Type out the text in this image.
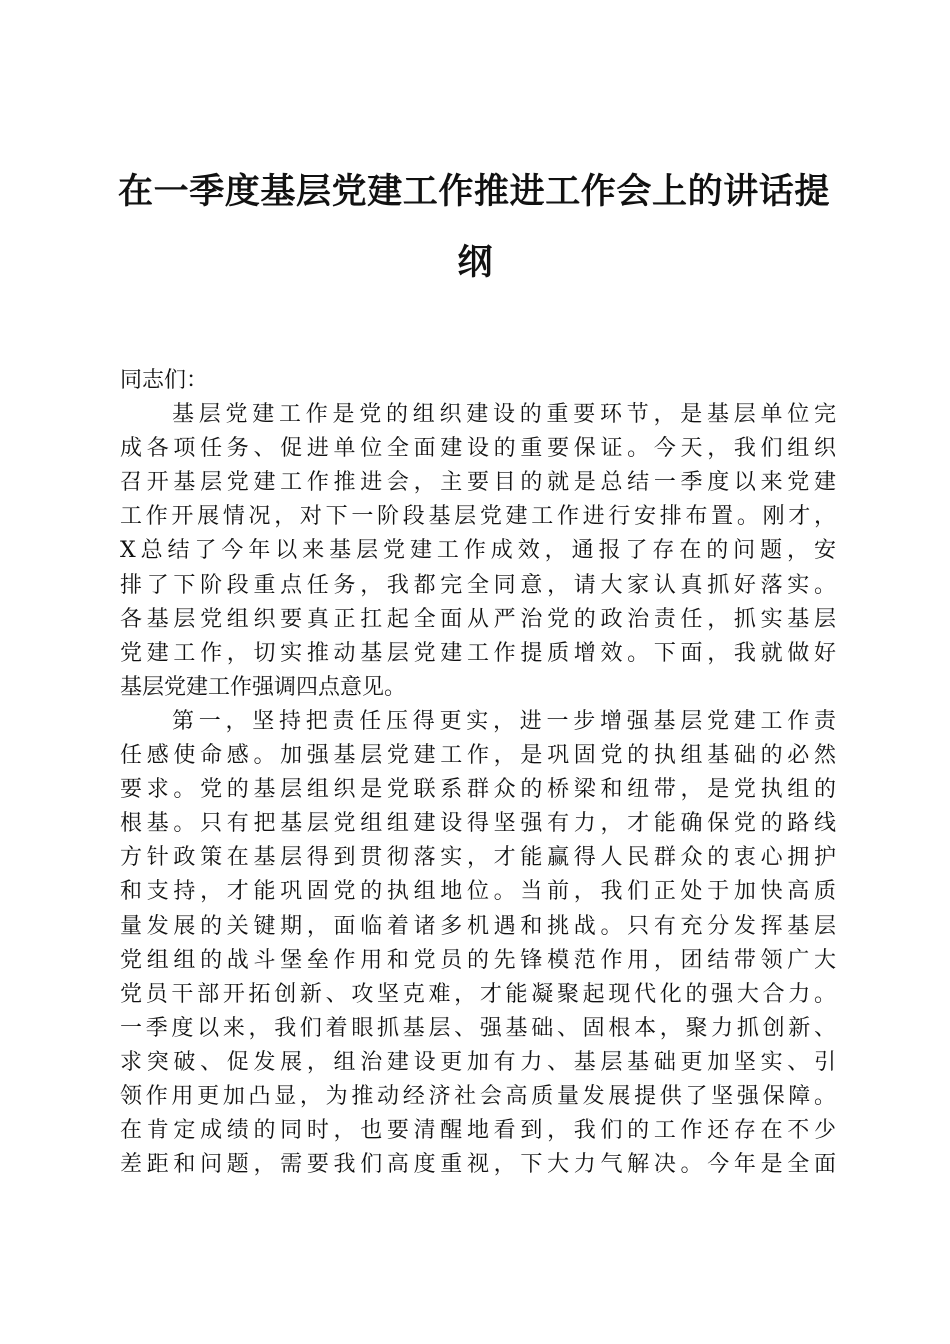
在一季度基层党建工作推进工作会上的讲话提
纲
同志们：
基层党建工作是党的组织建设的重要环节，是基层单位完
成各项任务、促进单位全面建设的重要保证。今天，我们组织
召开基层党建工作推进会，主要目的就是总结一季度以来党建
工作开展情况，对下一阶段基层党建工作进行安排布置。刚才，
X总结了今年以来基层党建工作成效，通报了存在的问题，安
排了下阶段重点任务，我都完全同意，请大家认真抓好落实。
各基层党组织要真正扛起全面从严治党的政治责任，抓实基层
党建工作，切实推动基层党建工作提质增效。下面，我就做好
基层党建工作强调四点意见。
第一，坚持把责任压得更实，进一步增强基层党建工作责
任感使命感。加强基层党建工作，是巩固党的执组基础的必然
要求。党的基层组织是党联系群众的桥梁和纽带，是党执组的
根基。只有把基层党组组建设得坚强有力，才能确保党的路线
方针政策在基层得到贯彻落实，才能赢得人民群众的衷心拥护
和支持，才能巩固党的执组地位。当前，我们正处于加快高质
量发展的关键期，面临着诸多机遇和挑战。只有充分发挥基层
党组组的战斗堡垒作用和党员的先锋模范作用，团结带领广大
党员干部开拓创新、攻坚克难，才能凝聚起现代化的强大合力。
一季度以来，我们着眼抓基层、强基础、固根本，聚力抓创新、
求突破、促发展，组治建设更加有力、基层基础更加坚实、引
领作用更加凸显，为推动经济社会高质量发展提供了坚强保障。
在肯定成绩的同时，也要清醒地看到，我们的工作还存在不少
差距和问题，需要我们高度重视，下大力气解决。今年是全面
